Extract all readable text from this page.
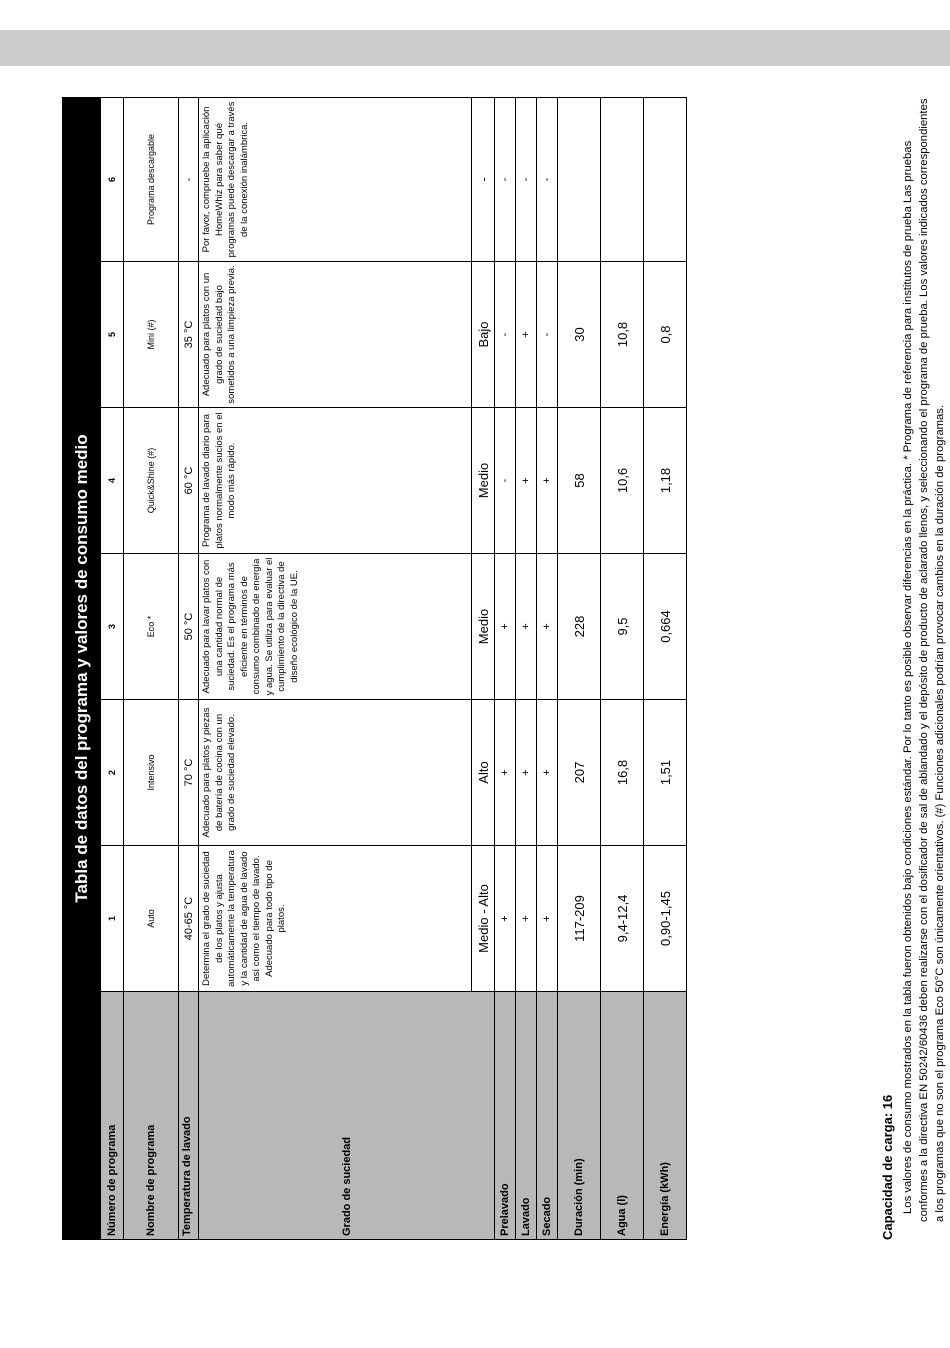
Tabla de datos del programa y valores de consumo medio						
Número de programa	1	2	3	4	5	6
Nombre de programa	Auto	Intensivo	Eco *	Quick&Shine (#)	Mini (#)	Programa descargable
Temperatura de lavado	40-65 °C	70 °C	50 °C	60 °C	35 °C	-
Grado de suciedad	Determina el grado de suciedad de los platos y ajusta automáticamente la temperatura y la cantidad de agua de lavado así como el tiempo de lavado. Adecuado para todo tipo de platos.	Adecuado para platos y piezas de batería de cocina con un grado de suciedad elevado.	Adecuado para lavar platos con una cantidad normal de suciedad. Es el programa más eficiente en términos de consumo combinado de energía y agua. Se utiliza para evaluar el cumplimiento de la directiva de diseño ecológico de la UE.	Programa de lavado diario para platos normalmente sucios en el modo más rápido.	Adecuado para platos con un grado de suciedad bajo sometidos a una limpieza previa.	Por favor, compruebe la aplicación HomeWhiz para saber qué programas puede descargar a través de la conexión inalámbrica.
	Medio - Alto	Alto	Medio	Medio	Bajo	-
Prelavado	+	+	+	-	-	-
Lavado	+	+	+	+	+	-
Secado	+	+	+	+	-	-
Duración (min)	117-209	207	228	58	30	
Agua (l)	9,4-12,4	16,8	9,5	10,6	10,8	
Energía (kWh)	0,90-1,45	1,51	0,664	1,18	0,8	

Capacidad de carga: 16 Los valores de consumo mostrados en la tabla fueron obtenidos bajo condiciones estándar. Por lo tanto es posible observar diferencias en la práctica. * Programa de referencia para institutos de prueba Las pruebas conformes a la directiva EN 50242/60436 deben realizarse con el dosificador de sal de ablandado y el depósito de producto de aclarado llenos, y seleccionando el programa de prueba. Los valores indicados correspondientes a los programas que no son el programa Eco 50°C son únicamente orientativos. (#) Funciones adicionales podrían provocar cambios en la duración de programas.
